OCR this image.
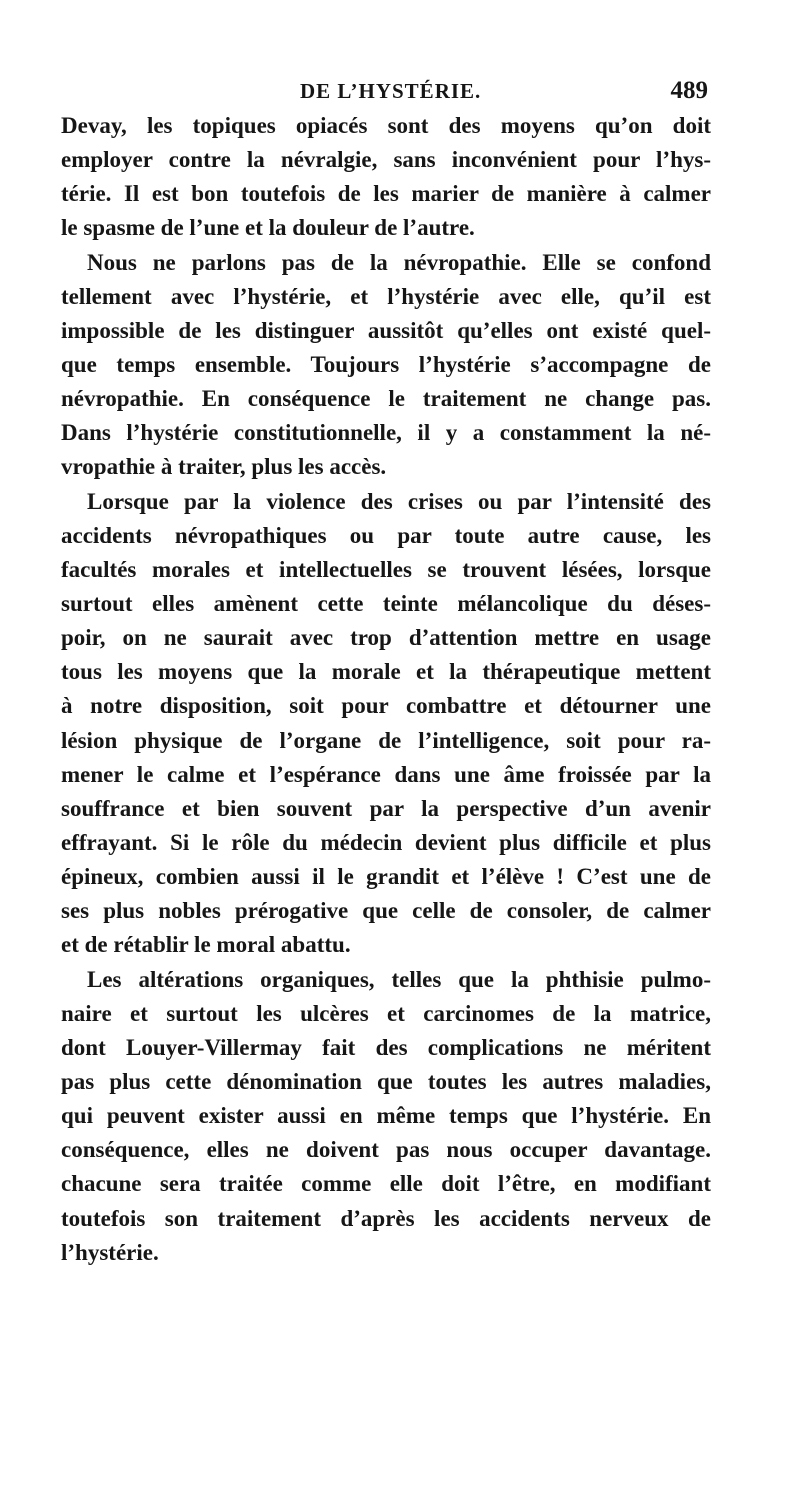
DE L’HYSTÉRIE.	489
Devay, les topiques opiacés sont des moyens qu’on doit
employer contre la névralgie, sans inconvénient pour l’hys-
térie. Il est bon toutefois de les marier de manière à calmer
le spasme de l’une et la douleur de l’autre.
Nous ne parlons pas de la névropathie. Elle se confond
tellement avec l’hystérie, et l’hystérie avec elle, qu’il est
impossible de les distinguer aussitôt qu’elles ont existé quel-
que temps ensemble. Toujours l’hystérie s’accompagne de
névropathie. En conséquence le traitement ne change pas.
Dans l’hystérie constitutionnelle, il y a constamment la né-
vropathie à traiter, plus les accès.
Lorsque par la violence des crises ou par l’intensité des
accidents névropathiques ou par toute autre cause, les
facultés morales et intellectuelles se trouvent lésées, lorsque
surtout elles amènent cette teinte mélancolique du déses-
poir, on ne saurait avec trop d’attention mettre en usage
tous les moyens que la morale et la thérapeutique mettent
à notre disposition, soit pour combattre et détourner une
lésion physique de l’organe de l’intelligence, soit pour ra-
mener le calme et l’espérance dans une âme froissée par la
souffrance et bien souvent par la perspective d’un avenir
effrayant. Si le rôle du médecin devient plus difficile et plus
épineux, combien aussi il le grandit et l’élève ! C’est une de
ses plus nobles prérogative que celle de consoler, de calmer
et de rétablir le moral abattu.
Les altérations organiques, telles que la phthisie pulmo-
naire et surtout les ulcères et carcinomes de la matrice,
dont Louyer-Villermay fait des complications ne méritent
pas plus cette dénomination que toutes les autres maladies,
qui peuvent exister aussi en même temps que l’hystérie. En
conséquence, elles ne doivent pas nous occuper davantage.
chacune sera traitée comme elle doit l’être, en modifiant
toutefois son traitement d’après les accidents nerveux de
l’hystérie.
